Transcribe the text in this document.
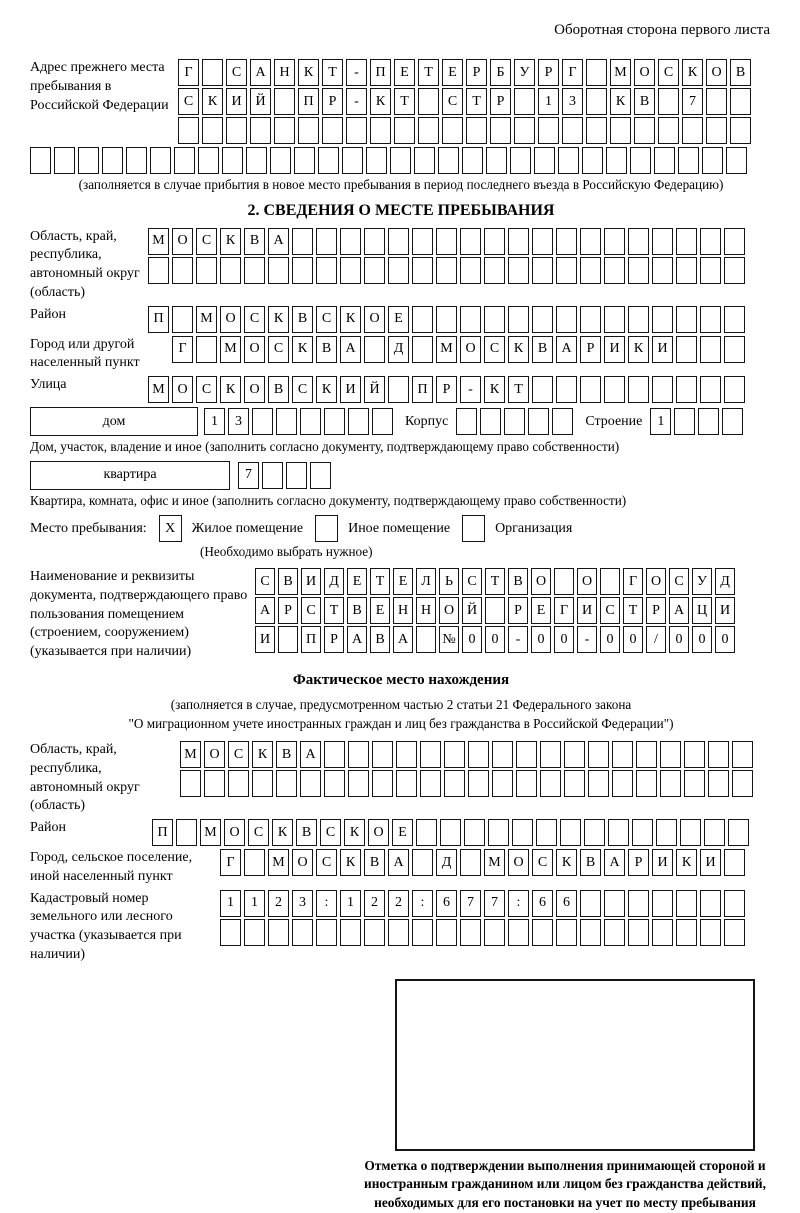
Оборотная сторона первого листа
Адрес прежнего места пребывания в Российской Федерации
Г	С	А Н	К	Т	-	П	Е	Т	Е	Р	Б	У	Р	Г	М О	С	К	О	В
С	К	И Й	П	Р	-	К	Т	С	Т	Р	1	3	К	В	7
(заполняется в случае прибытия в новое место пребывания в период последнего въезда в Российскую Федерацию)
2. СВЕДЕНИЯ О МЕСТЕ ПРЕБЫВАНИЯ
Область, край, республика, автономный округ (область)
М О	С	К	В	А
Район	П	М О	С	К	В	С	К	О	Е
Город или другой населенный пункт
Г	М О	С	К	В	А	Д	М О	С	К	В	А	Р	И	К	И
Улица	М О	С	К	О	В	С	К	И Й	П	Р	-	К	Т
дом	1	3	Корпус	Строение	1
Дом, участок, владение и иное (заполнить согласно документу, подтверждающему право собственности)
квартира	7
Квартира, комната, офис и иное (заполнить согласно документу, подтверждающему право собственности)
Место пребывания: X Жилое помещение	Иное помещение	Организация
(Необходимо выбрать нужное)
Наименование и реквизиты документа, подтверждающего право пользования помещением (строением, сооружением) (указывается при наличии)
С В И Д Е	Т	Е Л	Ь	С	Т	В О	О	Г О С У Д
А	Р	С	Т	В	Е Н Н О Й	Р	Е	Г И С	Т	Р	А Ц И
И	П	Р	А В А	№ 0	0	-	0	0	-	0	0	/	0	0	0
Фактическое место нахождения
(заполняется в случае, предусмотренном частью 2 статьи 21 Федерального закона
"О миграционном учете иностранных граждан и лиц без гражданства в Российской Федерации")
Область, край, республика, автономный округ (область)
М О	С	К	В	А
Район	П	М О	С	К	В	С	К	О	Е
Город, сельское поселение, иной населенный пункт
Г	М О	С	К	В	А	Д	М О	С	К	В	А	Р	И	К	И
Кадастровый номер земельного или лесного участка (указывается при наличии)
1	1	2	3	:	1	2	2	:	6	7	7	:	6	6
Отметка о подтверждении выполнения принимающей стороной и иностранным гражданином или лицом без гражданства действий, необходимых для его постановки на учет по месту пребывания
